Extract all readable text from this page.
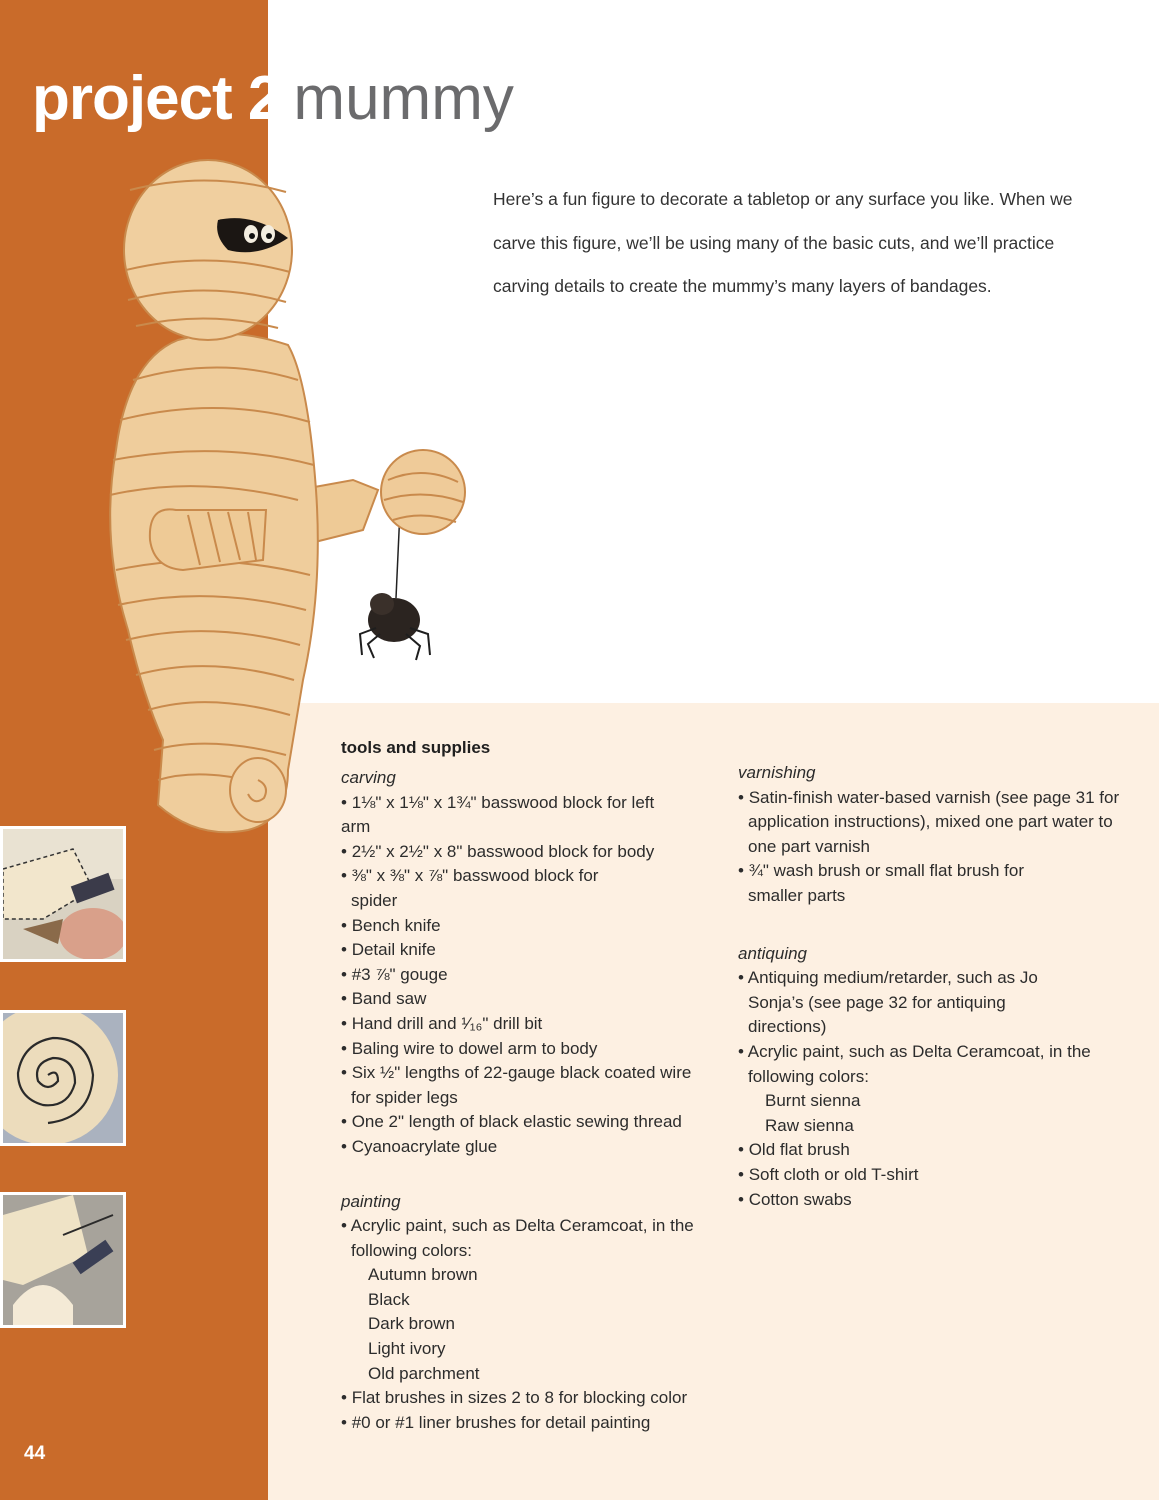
project 2 mummy

Here’s a fun figure to decorate a tabletop or any surface you like. When we carve this figure, we’ll be using many of the basic cuts, and we’ll practice carving details to create the mummy’s many layers of bandages.

tools and supplies
carving
• 1⅛" x 1⅛" x 1¾" basswood block for left arm
• 2½" x 2½" x 8" basswood block for body
• ⅜" x ⅜" x ⅞" basswood block for spider
• Bench knife
• Detail knife
• #3 ⅞" gouge
• Band saw
• Hand drill and ¹⁄₁₆" drill bit
• Baling wire to dowel arm to body
• Six ½" lengths of 22-gauge black coated wire for spider legs
• One 2" length of black elastic sewing thread
• Cyanoacrylate glue
painting
• Acrylic paint, such as Delta Ceramcoat, in the following colors:
Autumn brown
Black
Dark brown
Light ivory
Old parchment
• Flat brushes in sizes 2 to 8 for blocking color
• #0 or #1 liner brushes for detail painting
varnishing
• Satin-finish water-based varnish (see page 31 for application instructions), mixed one part water to one part varnish
• ¾" wash brush or small flat brush for smaller parts
antiquing
• Antiquing medium/retarder, such as Jo Sonja’s (see page 32 for antiquing directions)
• Acrylic paint, such as Delta Ceramcoat, in the following colors:
Burnt sienna
Raw sienna
• Old flat brush
• Soft cloth or old T-shirt
• Cotton swabs
44
